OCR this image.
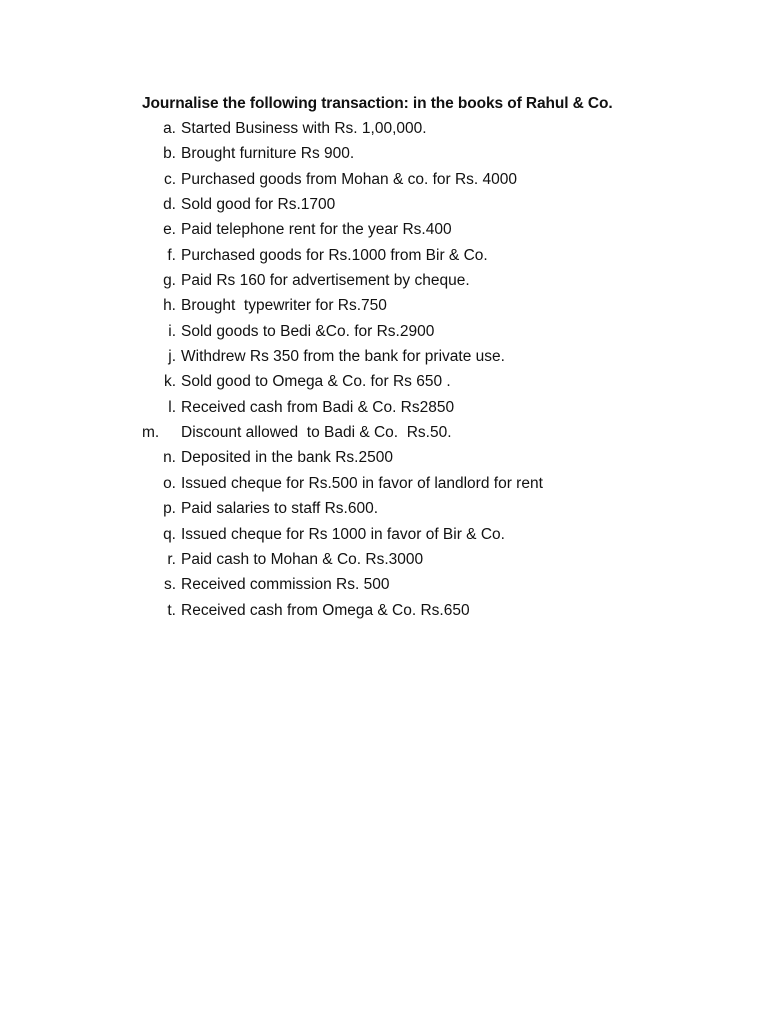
Journalise the following transaction: in the books of Rahul & Co.
a. Started Business with Rs. 1,00,000.
b. Brought furniture Rs 900.
c. Purchased goods from Mohan & co. for Rs. 4000
d. Sold good for Rs.1700
e. Paid telephone rent for the year Rs.400
f. Purchased goods for Rs.1000 from Bir & Co.
g. Paid Rs 160 for advertisement by cheque.
h. Brought  typewriter for Rs.750
i. Sold goods to Bedi &Co. for Rs.2900
j. Withdrew Rs 350 from the bank for private use.
k. Sold good to Omega & Co. for Rs 650 .
l. Received cash from Badi & Co. Rs2850
m. Discount allowed  to Badi & Co.  Rs.50.
n. Deposited in the bank Rs.2500
o. Issued cheque for Rs.500 in favor of landlord for rent
p. Paid salaries to staff Rs.600.
q. Issued cheque for Rs 1000 in favor of Bir & Co.
r. Paid cash to Mohan & Co. Rs.3000
s. Received commission Rs. 500
t. Received cash from Omega & Co. Rs.650
